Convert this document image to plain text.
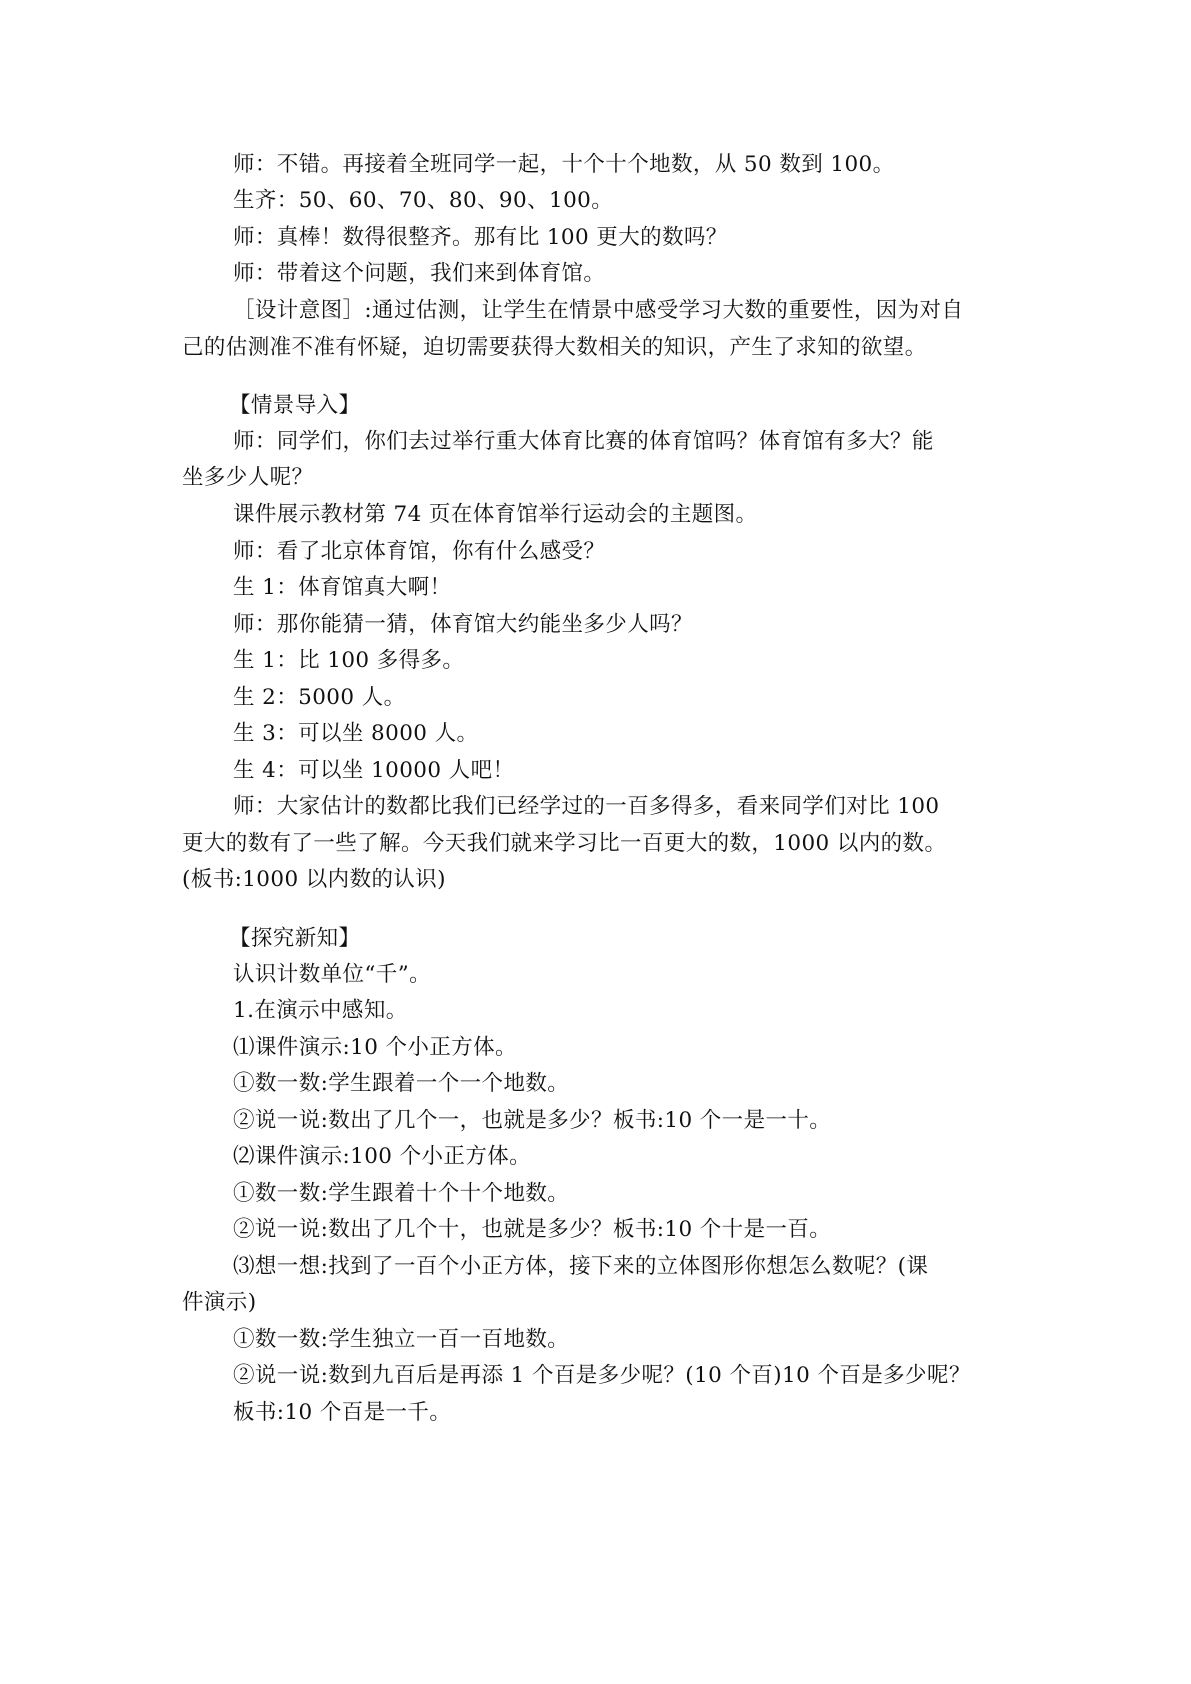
师：不错。再接着全班同学一起，十个十个地数，从 50 数到 100。
生齐：50、60、70、80、90、100。
师：真棒！数得很整齐。那有比 100 更大的数吗？
师：带着这个问题，我们来到体育馆。
［设计意图］:通过估测，让学生在情景中感受学习大数的重要性，因为对自
己的估测准不准有怀疑，迫切需要获得大数相关的知识，产生了求知的欲望。
【情景导入】
师：同学们，你们去过举行重大体育比赛的体育馆吗？体育馆有多大？能
坐多少人呢？
课件展示教材第 74 页在体育馆举行运动会的主题图。
师：看了北京体育馆，你有什么感受？
生 1：体育馆真大啊！
师：那你能猜一猜，体育馆大约能坐多少人吗？
生 1：比 100 多得多。
生 2：5000 人。
生 3：可以坐 8000 人。
生 4：可以坐 10000 人吧！
师：大家估计的数都比我们已经学过的一百多得多，看来同学们对比 100
更大的数有了一些了解。今天我们就来学习比一百更大的数，1000 以内的数。
(板书:1000 以内数的认识)
【探究新知】
认识计数单位“千”。
1.在演示中感知。
⑴课件演示:10 个小正方体。
①数一数:学生跟着一个一个地数。
②说一说:数出了几个一，也就是多少？板书:10 个一是一十。
⑵课件演示:100 个小正方体。
①数一数:学生跟着十个十个地数。
②说一说:数出了几个十，也就是多少？板书:10 个十是一百。
⑶想一想:找到了一百个小正方体，接下来的立体图形你想怎么数呢？(课
件演示)
①数一数:学生独立一百一百地数。
②说一说:数到九百后是再添 1 个百是多少呢？(10 个百)10 个百是多少呢？
板书:10 个百是一千。
